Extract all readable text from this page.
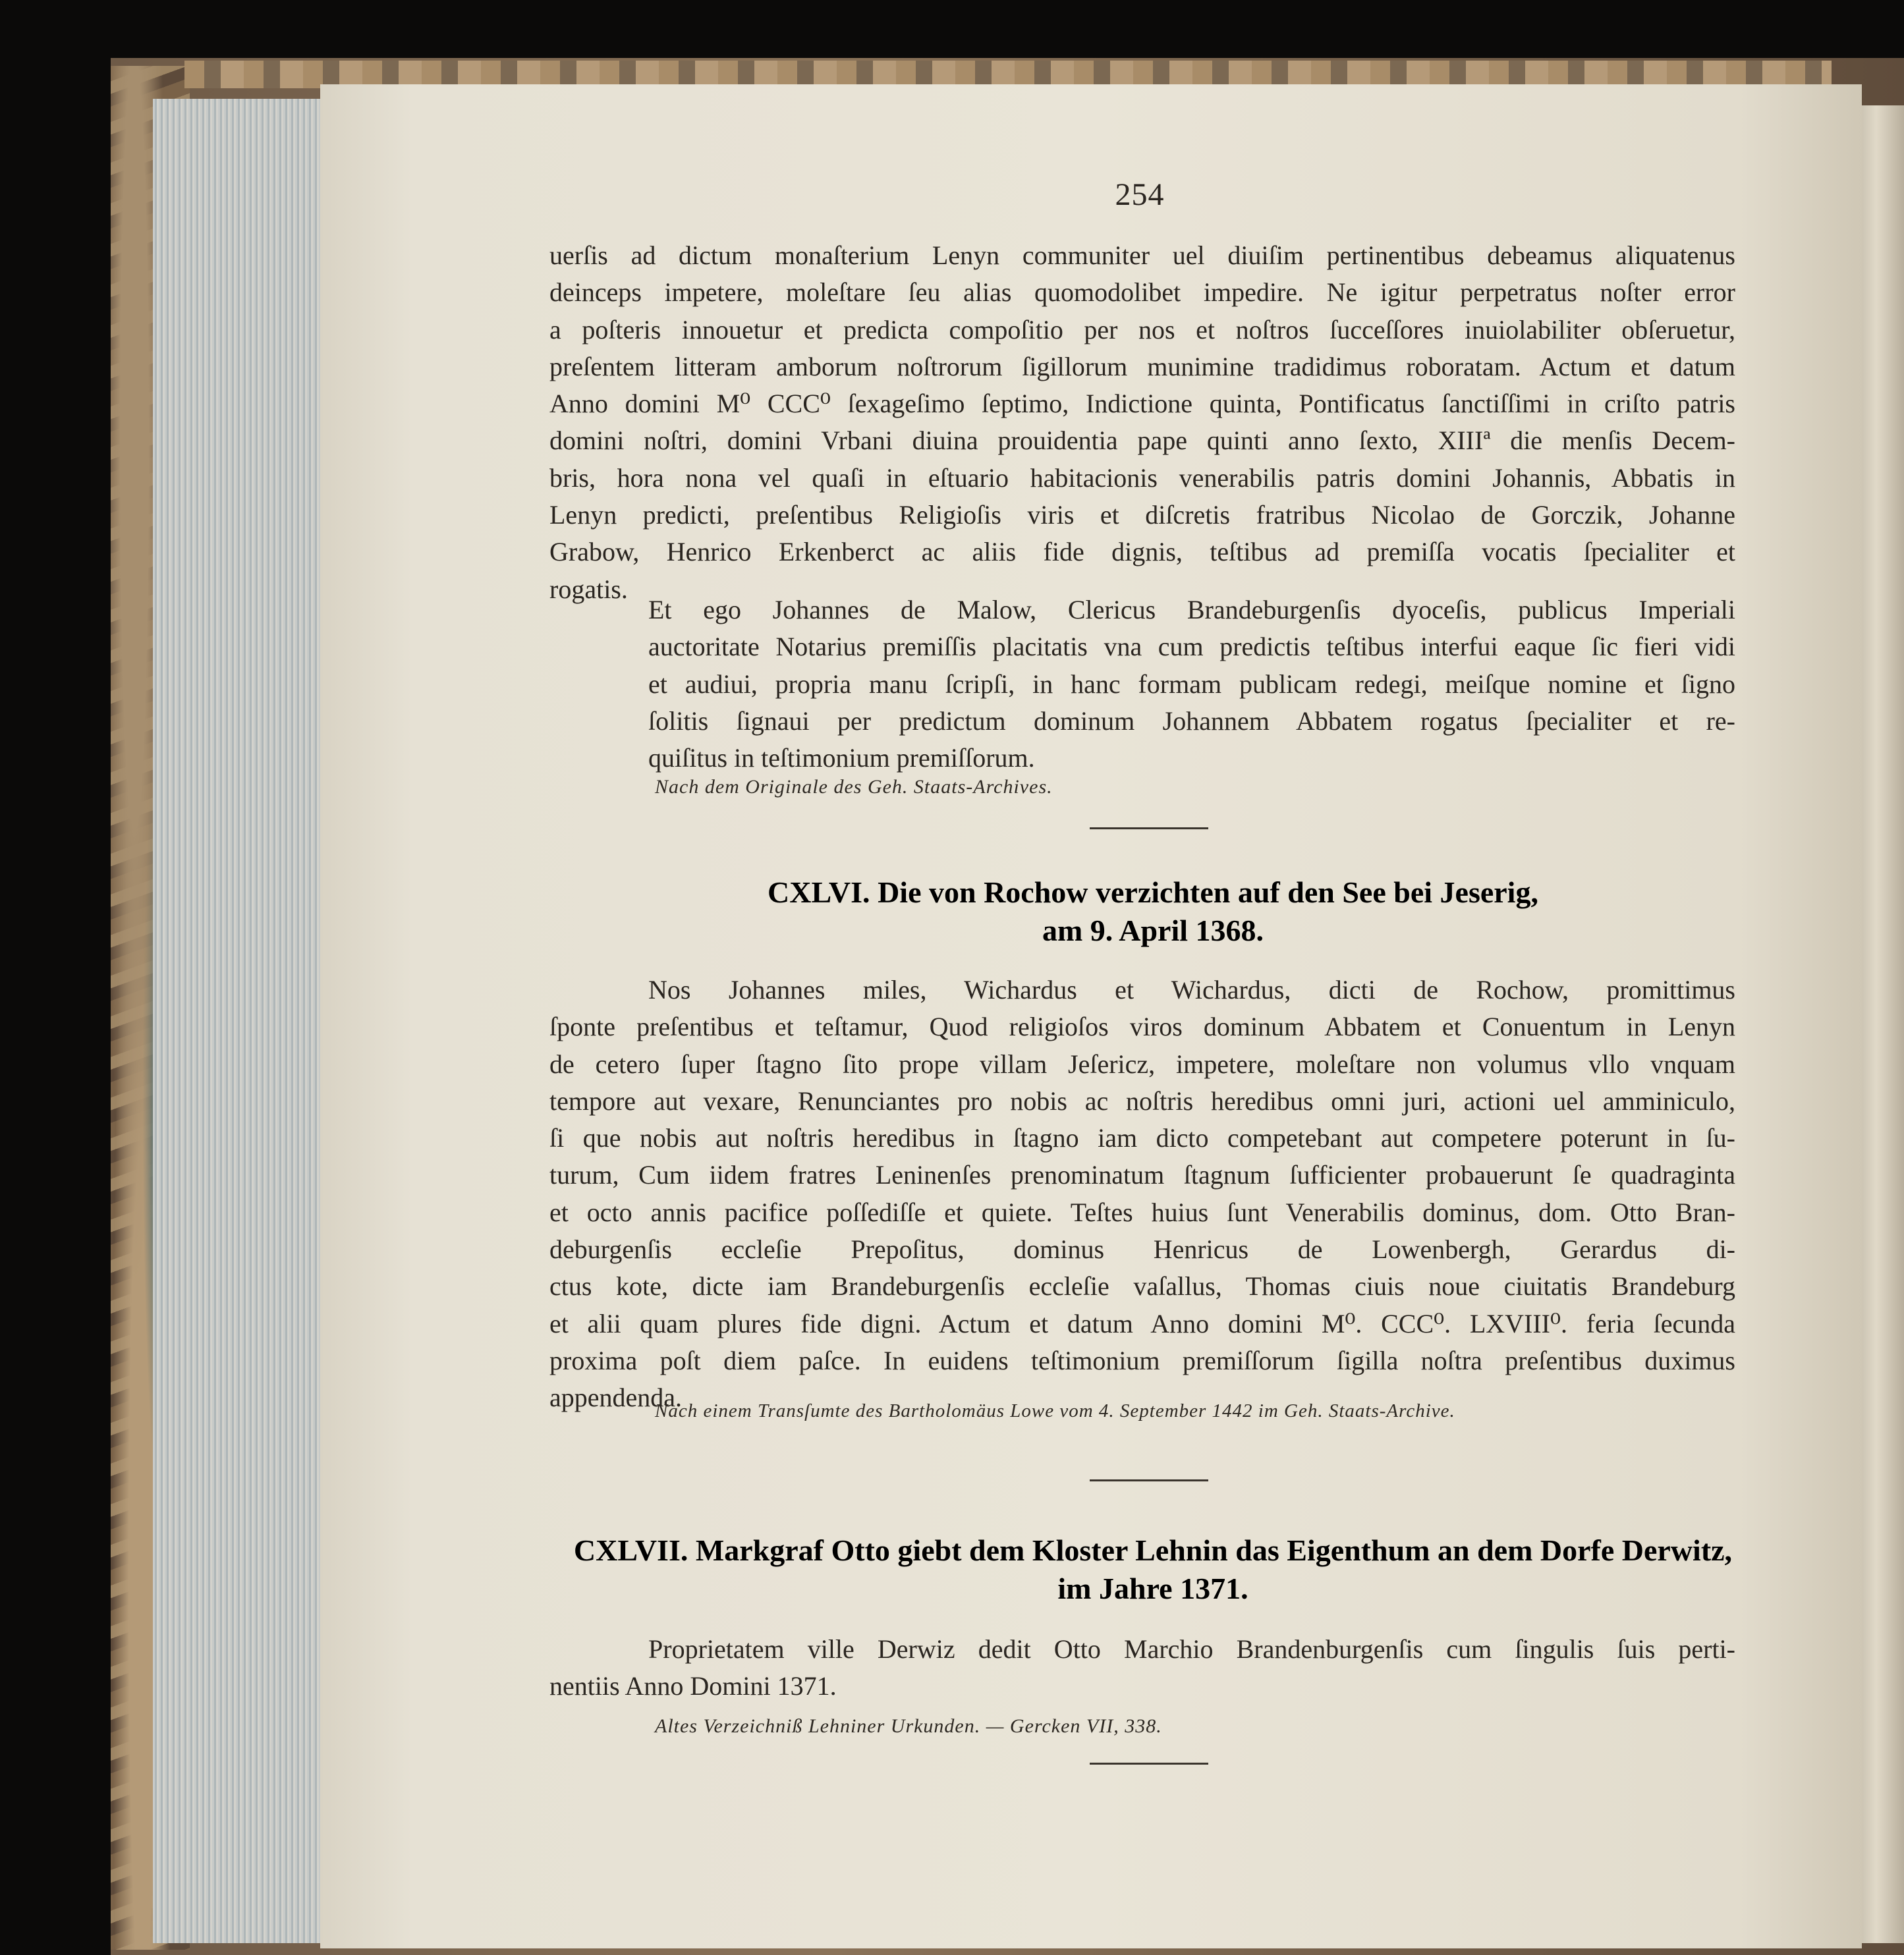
254
uerſis ad dictum monaſterium Lenyn communiter uel diuiſim pertinentibus debeamus aliquatenus
deinceps impetere, moleſtare ſeu alias quomodolibet impedire. Ne igitur perpetratus noſter error
a poſteris innouetur et predicta compoſitio per nos et noſtros ſucceſſores inuiolabiliter obſeruetur,
preſentem litteram amborum noſtrorum ſigillorum munimine tradidimus roboratam. Actum et datum
Anno domini M⁰ CCC⁰ ſexageſimo ſeptimo, Indictione quinta, Pontificatus ſanctiſſimi in criſto patris
domini noſtri, domini Vrbani diuina prouidentia pape quinti anno ſexto, XIIIª die menſis Decem-
bris, hora nona vel quaſi in eſtuario habitacionis venerabilis patris domini Johannis, Abbatis in
Lenyn predicti, preſentibus Religioſis viris et diſcretis fratribus Nicolao de Gorczik, Johanne
Grabow, Henrico Erkenberct ac aliis fide dignis, teſtibus ad premiſſa vocatis ſpecialiter et
rogatis.
Et ego Johannes de Malow, Clericus Brandeburgenſis dyoceſis, publicus Imperiali
auctoritate Notarius premiſſis placitatis vna cum predictis teſtibus interfui eaque ſic fieri vidi
et audiui, propria manu ſcripſi, in hanc formam publicam redegi, meiſque nomine et ſigno
ſolitis ſignaui per predictum dominum Johannem Abbatem rogatus ſpecialiter et re-
quiſitus in teſtimonium premiſſorum.
Nach dem Originale des Geh. Staats-Archives.
CXLVI. Die von Rochow verzichten auf den See bei Jeserig,
am 9. April 1368.
Nos Johannes miles, Wichardus et Wichardus, dicti de Rochow, promittimus
ſponte preſentibus et teſtamur, Quod religioſos viros dominum Abbatem et Conuentum in Lenyn
de cetero ſuper ſtagno ſito prope villam Jeſericz, impetere, moleſtare non volumus vllo vnquam
tempore aut vexare, Renunciantes pro nobis ac noſtris heredibus omni juri, actioni uel amminiculo,
ſi que nobis aut noſtris heredibus in ſtagno iam dicto competebant aut competere poterunt in ſu-
turum, Cum iidem fratres Leninenſes prenominatum ſtagnum ſufficienter probauerunt ſe quadraginta
et octo annis pacifice poſſediſſe et quiete. Teſtes huius ſunt Venerabilis dominus, dom. Otto Bran-
deburgenſis eccleſie Prepoſitus, dominus Henricus de Lowenbergh, Gerardus di-
ctus kote, dicte iam Brandeburgenſis eccleſie vaſallus, Thomas ciuis noue ciuitatis Brandeburg
et alii quam plures fide digni. Actum et datum Anno domini M⁰. CCC⁰. LXVIII⁰. feria ſecunda
proxima poſt diem paſce. In euidens teſtimonium premiſſorum ſigilla noſtra preſentibus duximus
appendenda.
Nach einem Transſumte des Bartholomäus Lowe vom 4. September 1442 im Geh. Staats-Archive.
CXLVII. Markgraf Otto giebt dem Kloster Lehnin das Eigenthum an dem Dorfe Derwitz,
im Jahre 1371.
Proprietatem ville Derwiz dedit Otto Marchio Brandenburgenſis cum ſingulis ſuis perti-
nentiis Anno Domini 1371.
Altes Verzeichniß Lehniner Urkunden. — Gercken VII, 338.
